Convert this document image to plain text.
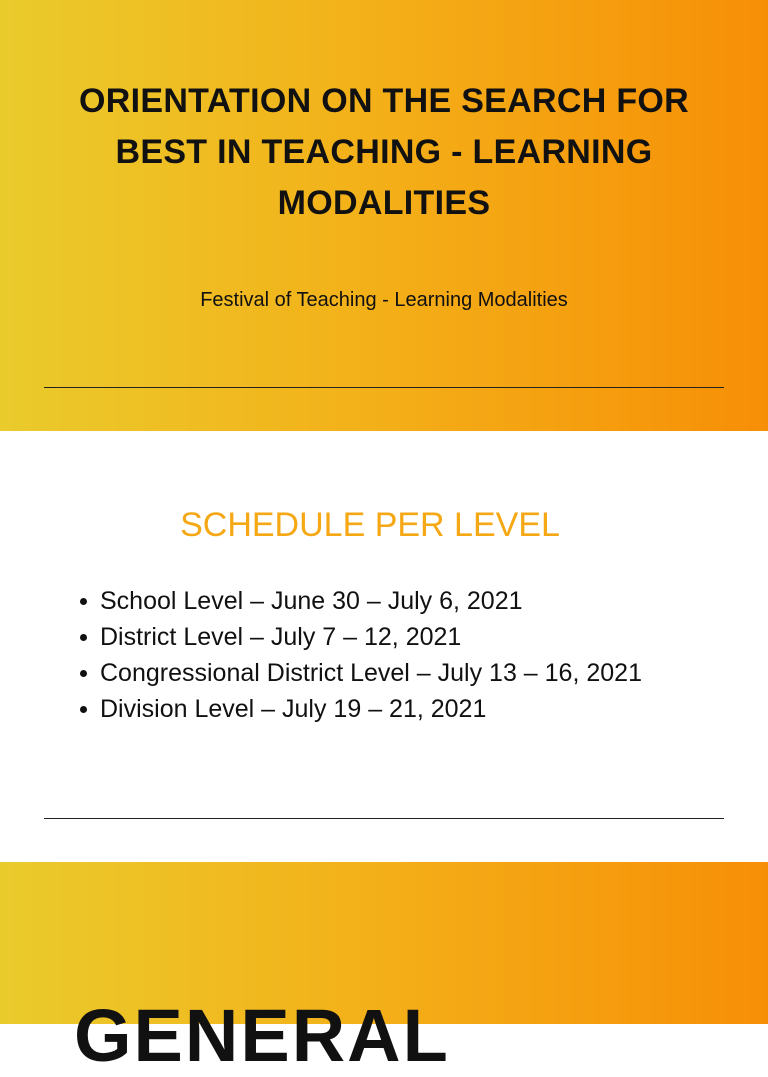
ORIENTATION ON THE SEARCH FOR BEST IN TEACHING - LEARNING MODALITIES

Festival of Teaching - Learning Modalities

SCHEDULE PER LEVEL
School Level – June 30 – July 6, 2021
District Level – July 7 – 12, 2021
Congressional District Level – July 13 – 16, 2021
Division Level – July 19 – 21, 2021
GENERAL
